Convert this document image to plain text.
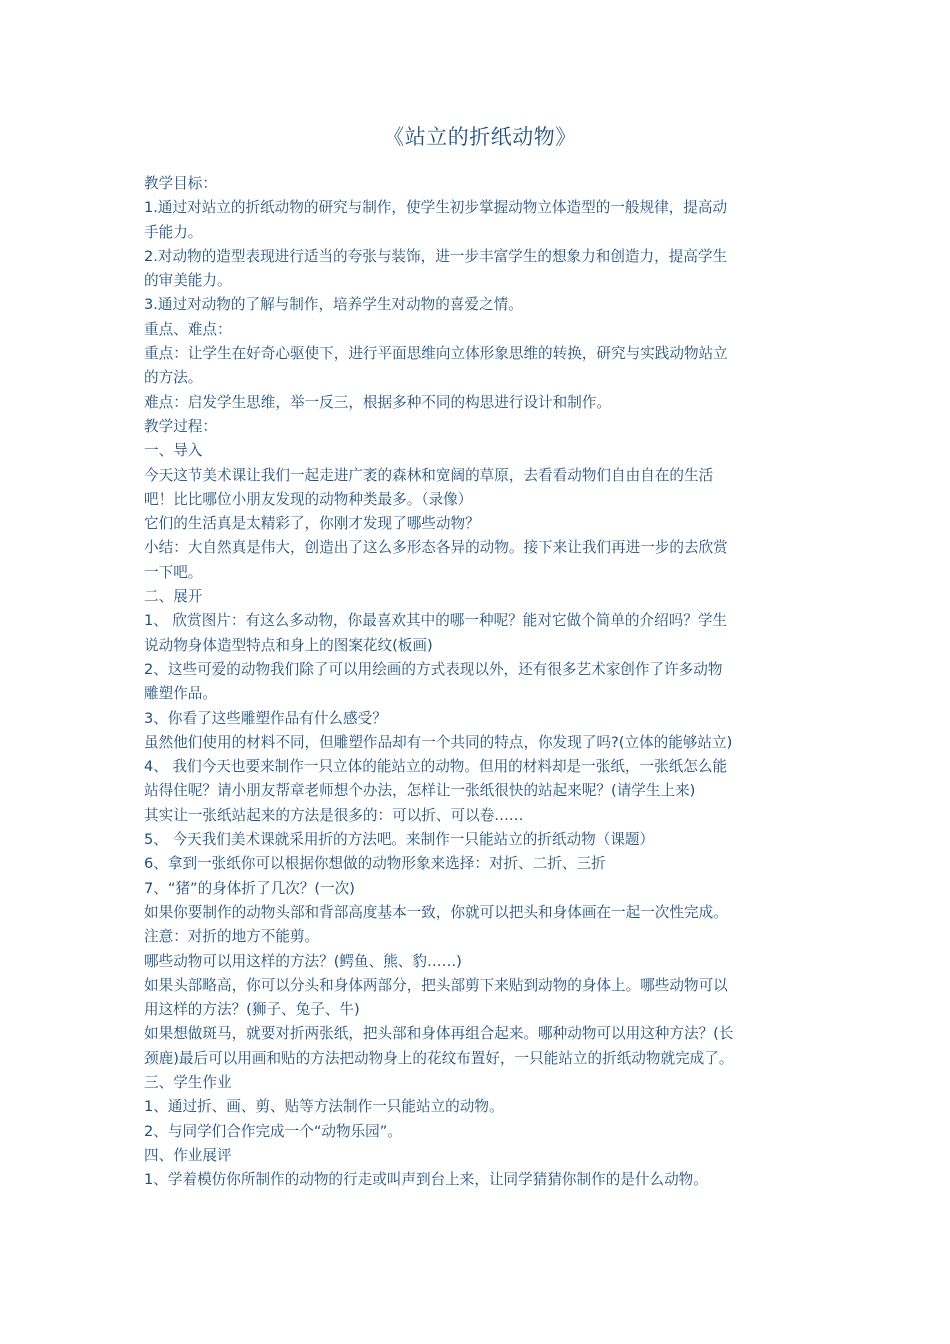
《站立的折纸动物》
教学目标：
1.通过对站立的折纸动物的研究与制作，使学生初步掌握动物立体造型的一般规律，提高动
手能力。
2.对动物的造型表现进行适当的夸张与装饰，进一步丰富学生的想象力和创造力，提高学生
的审美能力。
3.通过对动物的了解与制作，培养学生对动物的喜爱之情。
重点、难点：
重点：让学生在好奇心驱使下，进行平面思维向立体形象思维的转换，研究与实践动物站立
的方法。
难点：启发学生思维，举一反三，根据多种不同的构思进行设计和制作。
教学过程：
一、导入
今天这节美术课让我们一起走进广袤的森林和宽阔的草原，去看看动物们自由自在的生活
吧！比比哪位小朋友发现的动物种类最多。（录像）
它们的生活真是太精彩了，你刚才发现了哪些动物？
小结：大自然真是伟大，创造出了这么多形态各异的动物。接下来让我们再进一步的去欣赏
一下吧。
二、展开
1、 欣赏图片：有这么多动物，你最喜欢其中的哪一种呢？能对它做个简单的介绍吗？学生
说动物身体造型特点和身上的图案花纹(板画)
2、这些可爱的动物我们除了可以用绘画的方式表现以外，还有很多艺术家创作了许多动物
雕塑作品。
3、你看了这些雕塑作品有什么感受？
虽然他们使用的材料不同，但雕塑作品却有一个共同的特点，你发现了吗?(立体的能够站立)
4、 我们今天也要来制作一只立体的能站立的动物。但用的材料却是一张纸，一张纸怎么能
站得住呢？请小朋友帮章老师想个办法，怎样让一张纸很快的站起来呢？(请学生上来)
其实让一张纸站起来的方法是很多的：可以折、可以卷……
5、 今天我们美术课就采用折的方法吧。来制作一只能站立的折纸动物（课题）
6、拿到一张纸你可以根据你想做的动物形象来选择：对折、二折、三折
7、“猪”的身体折了几次？(一次)
如果你要制作的动物头部和背部高度基本一致，你就可以把头和身体画在一起一次性完成。
注意：对折的地方不能剪。
哪些动物可以用这样的方法？(鳄鱼、熊、豹……)
如果头部略高，你可以分头和身体两部分，把头部剪下来贴到动物的身体上。哪些动物可以
用这样的方法？(狮子、兔子、牛)
如果想做斑马，就要对折两张纸，把头部和身体再组合起来。哪种动物可以用这种方法？(长
颈鹿)最后可以用画和贴的方法把动物身上的花纹布置好，一只能站立的折纸动物就完成了。
三、学生作业
1、通过折、画、剪、贴等方法制作一只能站立的动物。
2、与同学们合作完成一个“动物乐园”。
四、作业展评
1、学着模仿你所制作的动物的行走或叫声到台上来，让同学猜猜你制作的是什么动物。
